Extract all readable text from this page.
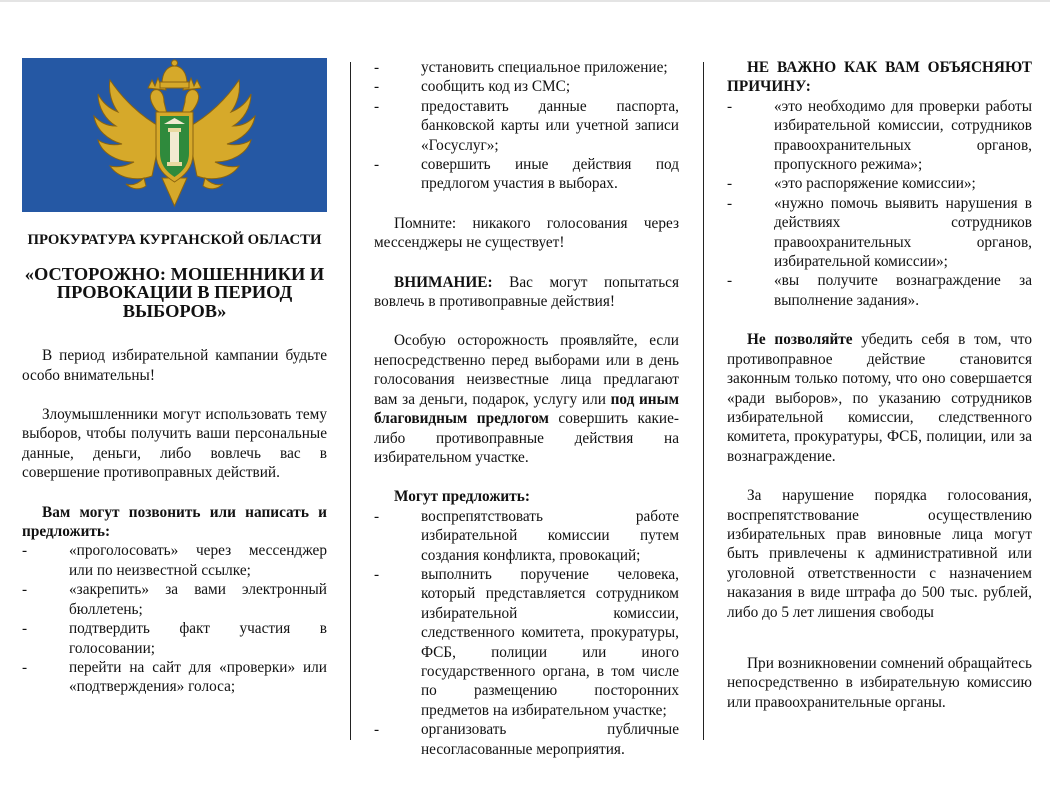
ПРОКУРАТУРА КУРГАНСКОЙ ОБЛАСТИ
«ОСТОРОЖНО: МОШЕННИКИ И ПРОВОКАЦИИ В ПЕРИОД ВЫБОРОВ»

В период избирательной кампании будьте особо внимательны!

Злоумышленники могут использовать тему выборов, чтобы получить ваши персональные данные, деньги, либо вовлечь вас в совершение противоправных действий.

Вам могут позвонить или написать и предложить:

-	«проголосовать» через мессенджер или по неизвестной ссылке;
-	«закрепить» за вами электронный бюллетень;
-	подтвердить факт участия в голосовании;
-	перейти на сайт для «проверки» или «подтверждения» голоса;
-	установить специальное приложение;
-	сообщить код из СМС;
-	предоставить данные паспорта, банковской карты или учетной записи «Госуслуг»;
-	совершить иные действия под предлогом участия в выборах.

Помните: никакого голосования через мессенджеры не существует!

ВНИМАНИЕ: Вас могут попытаться вовлечь в противоправные действия!

Особую осторожность проявляйте, если непосредственно перед выборами или в день голосования неизвестные лица предлагают вам за деньги, подарок, услугу или под иным благовидным предлогом совершить какие-либо противоправные действия на избирательном участке.

Могут предложить:

-	воспрепятствовать работе избирательной комиссии путем создания конфликта, провокаций;
-	выполнить поручение человека, который представляется сотрудником избирательной комиссии, следственного комитета, прокуратуры, ФСБ, полиции или иного государственного органа, в том числе по размещению посторонних предметов на избирательном участке;
-	организовать публичные несогласованные мероприятия.

НЕ ВАЖНО КАК ВАМ ОБЪЯСНЯЮТ ПРИЧИНУ:

-	«это необходимо для проверки работы избирательной комиссии, сотрудников правоохранительных органов, пропускного режима»;
-	«это распоряжение комиссии»;
-	«нужно помочь выявить нарушения в действиях сотрудников правоохранительных органов, избирательной комиссии»;
-	«вы получите вознаграждение за выполнение задания».

Не позволяйте убедить себя в том, что противоправное действие становится законным только потому, что оно совершается «ради выборов», по указанию сотрудников избирательной комиссии, следственного комитета, прокуратуры, ФСБ, полиции, или за вознаграждение.

За нарушение порядка голосования, воспрепятствование осуществлению избирательных прав виновные лица могут быть привлечены к административной или уголовной ответственности с назначением наказания в виде штрафа до 500 тыс. рублей, либо до 5 лет лишения свободы

При возникновении сомнений обращайтесь непосредственно в избирательную комиссию или правоохранительные органы.
